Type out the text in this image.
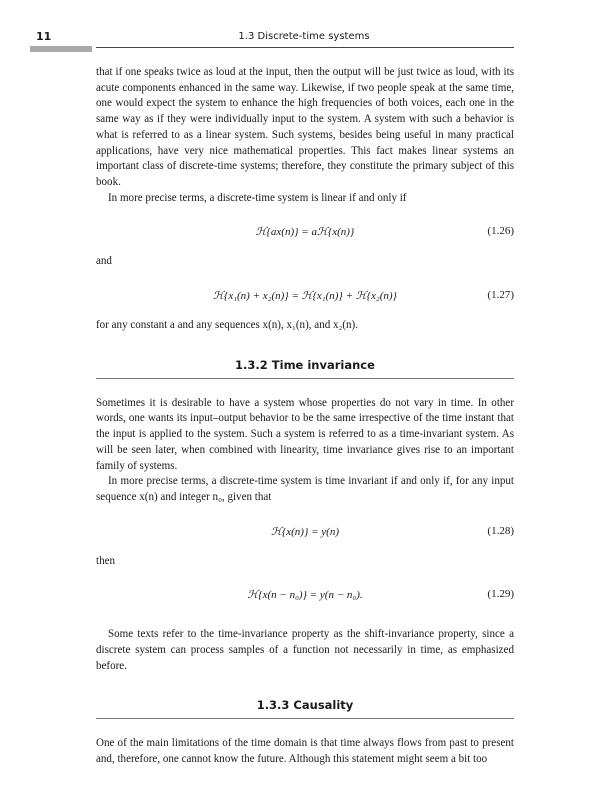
11	1.3 Discrete-time systems

that if one speaks twice as loud at the input, then the output will be just twice as loud, with its acute components enhanced in the same way. Likewise, if two people speak at the same time, one would expect the system to enhance the high frequencies of both voices, each one in the same way as if they were individually input to the system. A system with such a behavior is what is referred to as a linear system. Such systems, besides being useful in many practical applications, have very nice mathematical properties. This fact makes linear systems an important class of discrete-time systems; therefore, they constitute the primary subject of this book.

In more precise terms, a discrete-time system is linear if and only if

ℋ{ax(n)} = aℋ{x(n)}	(1.26)

and

ℋ{x₁(n) + x₂(n)} = ℋ{x₁(n)} + ℋ{x₂(n)}	(1.27)

for any constant a and any sequences x(n), x₁(n), and x₂(n).

1.3.2 Time invariance

Sometimes it is desirable to have a system whose properties do not vary in time. In other words, one wants its input–output behavior to be the same irrespective of the time instant that the input is applied to the system. Such a system is referred to as a time-invariant system. As will be seen later, when combined with linearity, time invariance gives rise to an important family of systems.

In more precise terms, a discrete-time system is time invariant if and only if, for any input sequence x(n) and integer n₀, given that

ℋ{x(n)} = y(n)	(1.28)

then

ℋ{x(n − n₀)} = y(n − n₀).	(1.29)

Some texts refer to the time-invariance property as the shift-invariance property, since a discrete system can process samples of a function not necessarily in time, as emphasized before.

1.3.3 Causality

One of the main limitations of the time domain is that time always flows from past to present and, therefore, one cannot know the future. Although this statement might seem a bit too
